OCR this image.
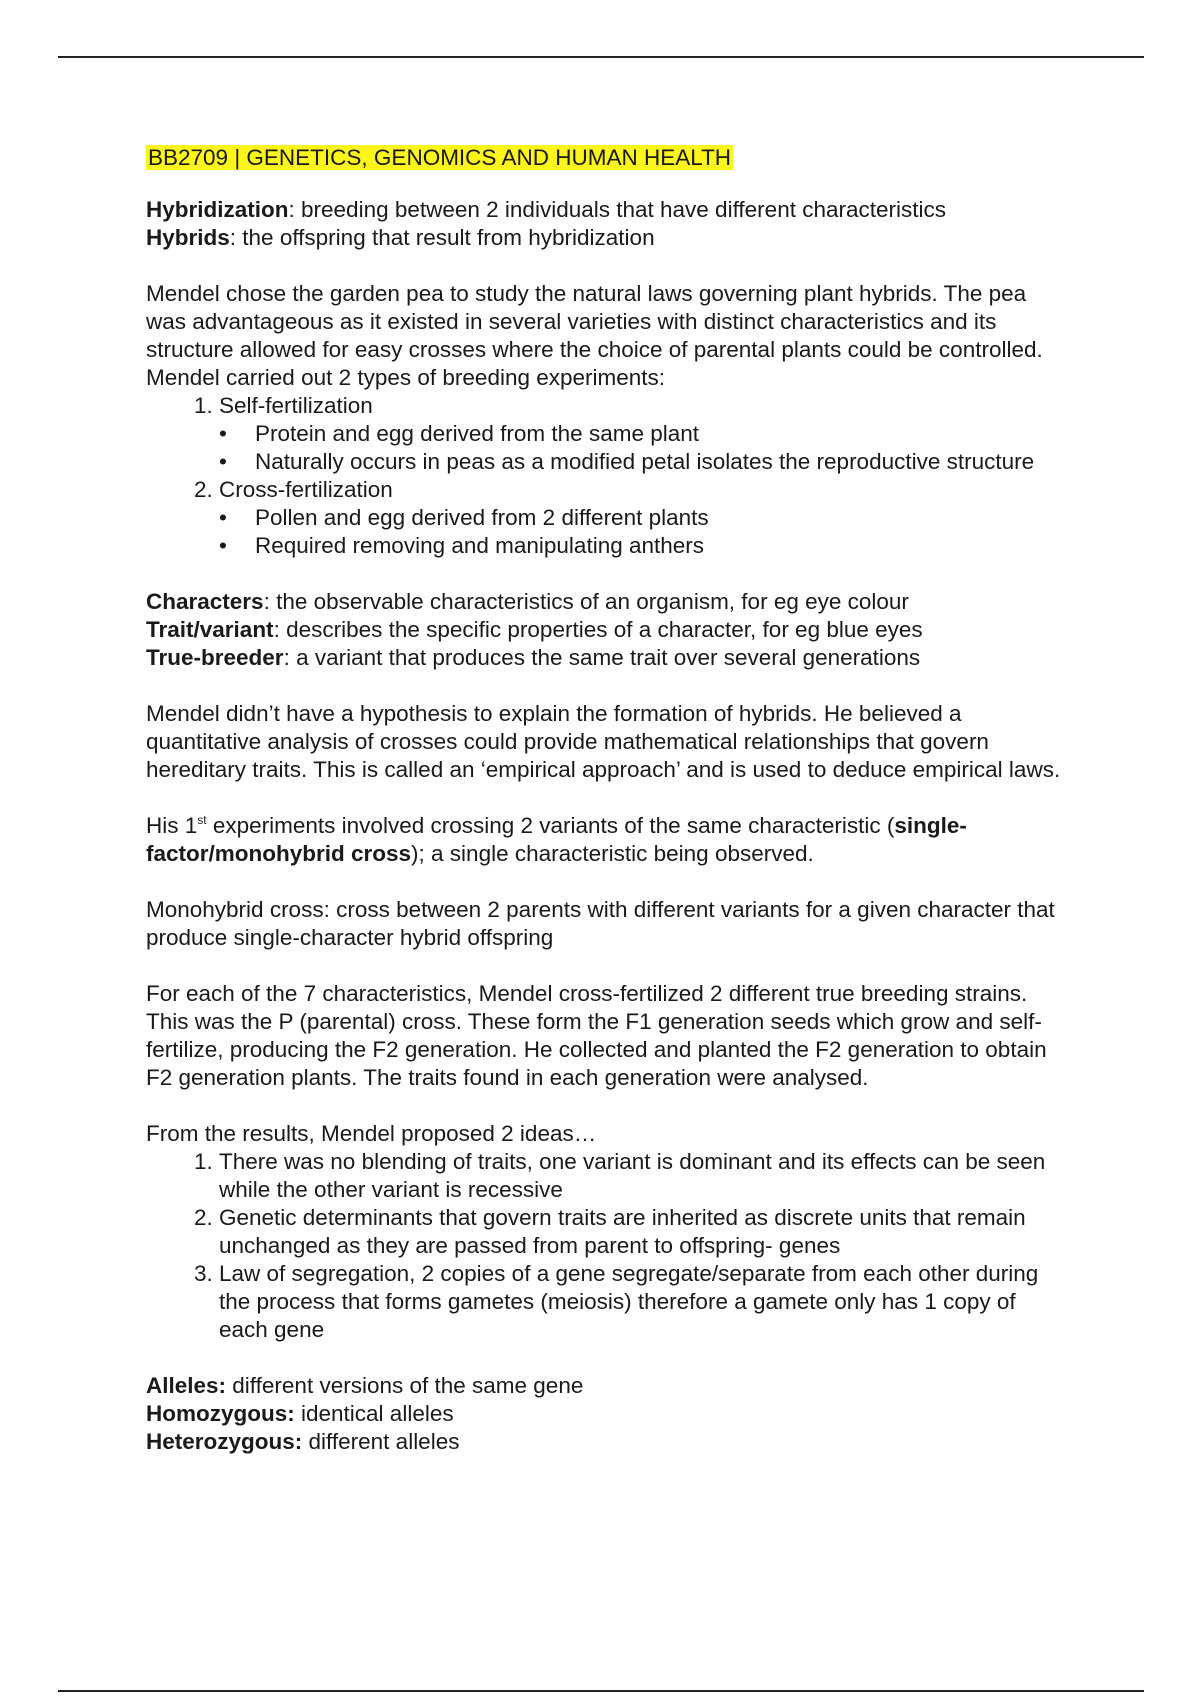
BB2709 | GENETICS, GENOMICS AND HUMAN HEALTH
Hybridization: breeding between 2 individuals that have different characteristics
Hybrids: the offspring that result from hybridization
Mendel chose the garden pea to study the natural laws governing plant hybrids. The pea was advantageous as it existed in several varieties with distinct characteristics and its structure allowed for easy crosses where the choice of parental plants could be controlled. Mendel carried out 2 types of breeding experiments:
1. Self-fertilization
• Protein and egg derived from the same plant
• Naturally occurs in peas as a modified petal isolates the reproductive structure
2. Cross-fertilization
• Pollen and egg derived from 2 different plants
• Required removing and manipulating anthers
Characters: the observable characteristics of an organism, for eg eye colour
Trait/variant: describes the specific properties of a character, for eg blue eyes
True-breeder: a variant that produces the same trait over several generations
Mendel didn’t have a hypothesis to explain the formation of hybrids. He believed a quantitative analysis of crosses could provide mathematical relationships that govern hereditary traits. This is called an ‘empirical approach’ and is used to deduce empirical laws.
His 1st experiments involved crossing 2 variants of the same characteristic (single-factor/monohybrid cross); a single characteristic being observed.
Monohybrid cross: cross between 2 parents with different variants for a given character that produce single-character hybrid offspring
For each of the 7 characteristics, Mendel cross-fertilized 2 different true breeding strains. This was the P (parental) cross. These form the F1 generation seeds which grow and self-fertilize, producing the F2 generation. He collected and planted the F2 generation to obtain F2 generation plants. The traits found in each generation were analysed.
From the results, Mendel proposed 2 ideas…
1. There was no blending of traits, one variant is dominant and its effects can be seen while the other variant is recessive
2. Genetic determinants that govern traits are inherited as discrete units that remain unchanged as they are passed from parent to offspring- genes
3. Law of segregation, 2 copies of a gene segregate/separate from each other during the process that forms gametes (meiosis) therefore a gamete only has 1 copy of each gene
Alleles: different versions of the same gene
Homozygous: identical alleles
Heterozygous: different alleles
